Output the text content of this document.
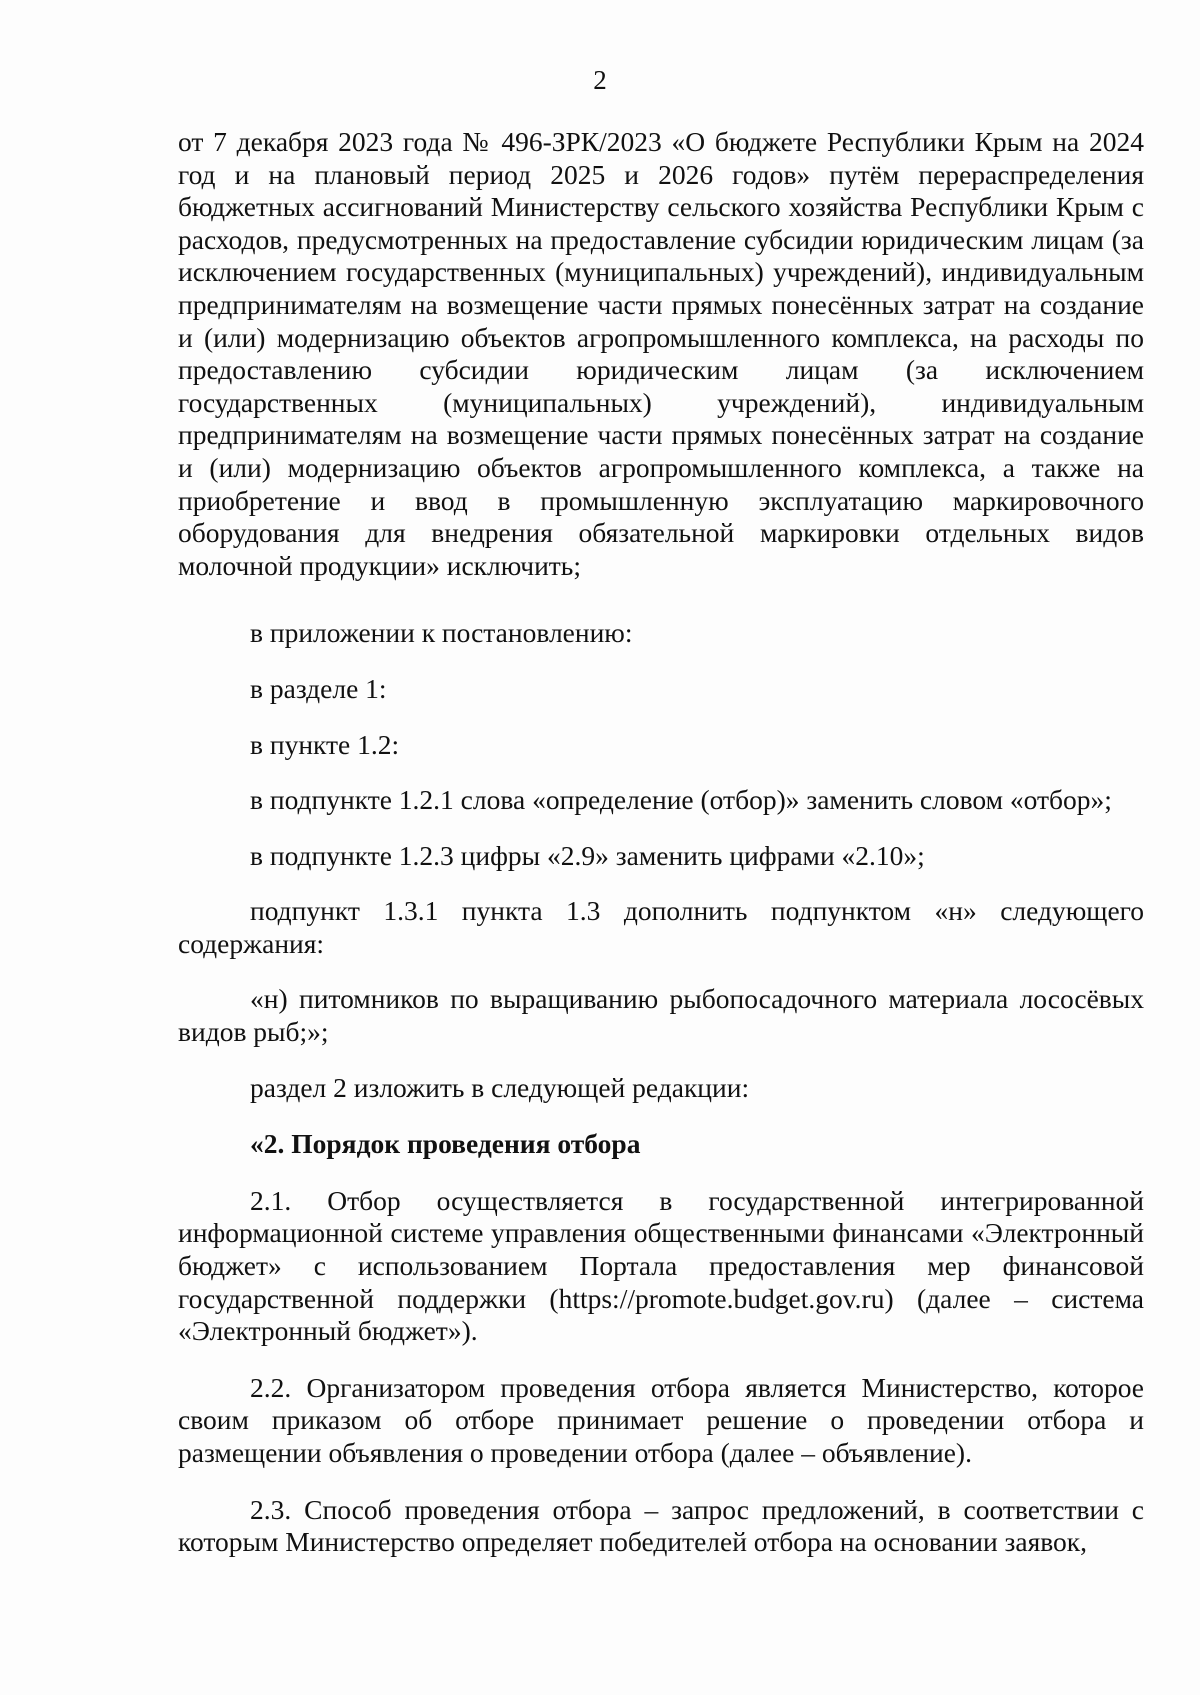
2

от 7 декабря 2023 года № 496-ЗРК/2023 «О бюджете Республики Крым на 2024 год и на плановый период 2025 и 2026 годов» путём перераспределения бюджетных ассигнований Министерству сельского хозяйства Республики Крым с расходов, предусмотренных на предоставление субсидии юридическим лицам (за исключением государственных (муниципальных) учреждений), индивидуальным предпринимателям на возмещение части прямых понесённых затрат на создание и (или) модернизацию объектов агропромышленного комплекса, на расходы по предоставлению субсидии юридическим лицам (за исключением государственных (муниципальных) учреждений), индивидуальным предпринимателям на возмещение части прямых понесённых затрат на создание и (или) модернизацию объектов агропромышленного комплекса, а также на приобретение и ввод в промышленную эксплуатацию маркировочного оборудования для внедрения обязательной маркировки отдельных видов молочной продукции» исключить;

в приложении к постановлению:

в разделе 1:

в пункте 1.2:

в подпункте 1.2.1 слова «определение (отбор)» заменить словом «отбор»;

в подпункте 1.2.3 цифры «2.9» заменить цифрами «2.10»;

подпункт 1.3.1 пункта 1.3 дополнить подпунктом «н» следующего содержания:

«н) питомников по выращиванию рыбопосадочного материала лососёвых видов рыб;»;

раздел 2 изложить в следующей редакции:

«2. Порядок проведения отбора

2.1. Отбор осуществляется в государственной интегрированной информационной системе управления общественными финансами «Электронный бюджет» с использованием Портала предоставления мер финансовой государственной поддержки (https://promote.budget.gov.ru) (далее – система «Электронный бюджет»).

2.2. Организатором проведения отбора является Министерство, которое своим приказом об отборе принимает решение о проведении отбора и размещении объявления о проведении отбора (далее – объявление).

2.3. Способ проведения отбора – запрос предложений, в соответствии с которым Министерство определяет победителей отбора на основании заявок,
